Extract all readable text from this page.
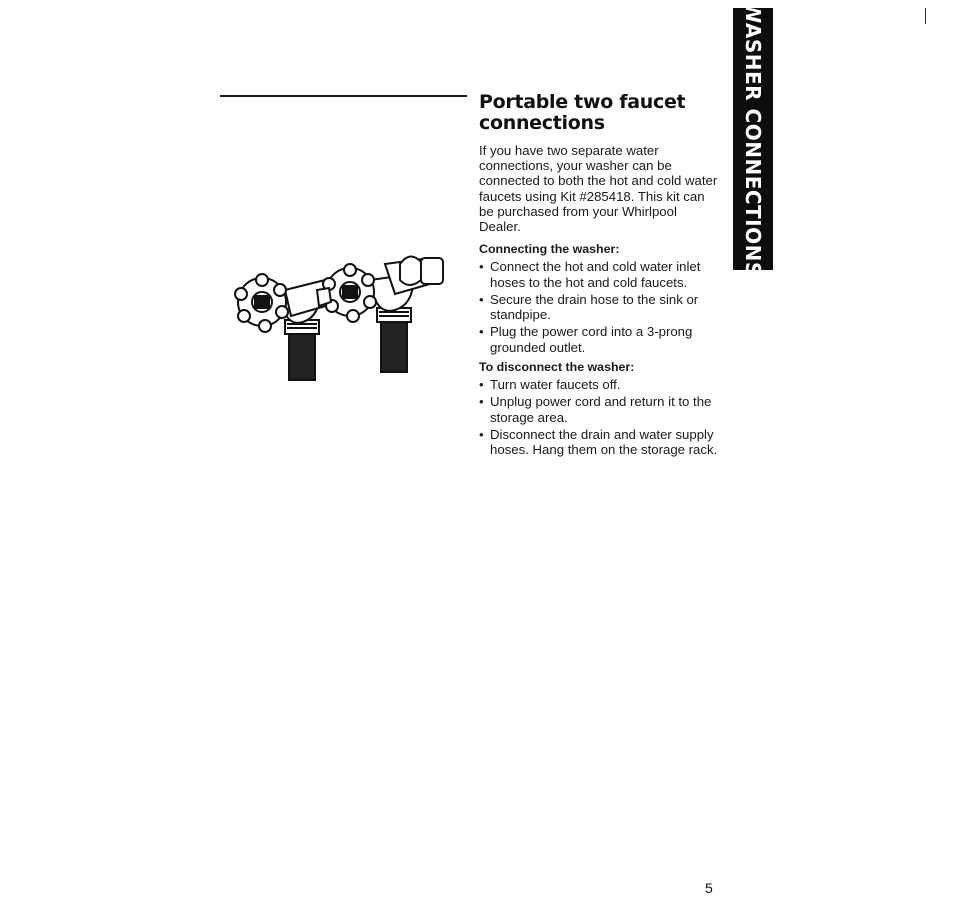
WASHER CONNECTIONS
Portable two faucet connections

If you have two separate water connections, your washer can be connected to both the hot and cold water faucets using Kit #285418. This kit can be purchased from your Whirlpool Dealer.

Connecting the washer:
• Connect the hot and cold water inlet hoses to the hot and cold faucets.
• Secure the drain hose to the sink or standpipe.
• Plug the power cord into a 3-prong grounded outlet.
To disconnect the washer:
• Turn water faucets off.
• Unplug power cord and return it to the storage area.
• Disconnect the drain and water supply hoses. Hang them on the storage rack.
5
